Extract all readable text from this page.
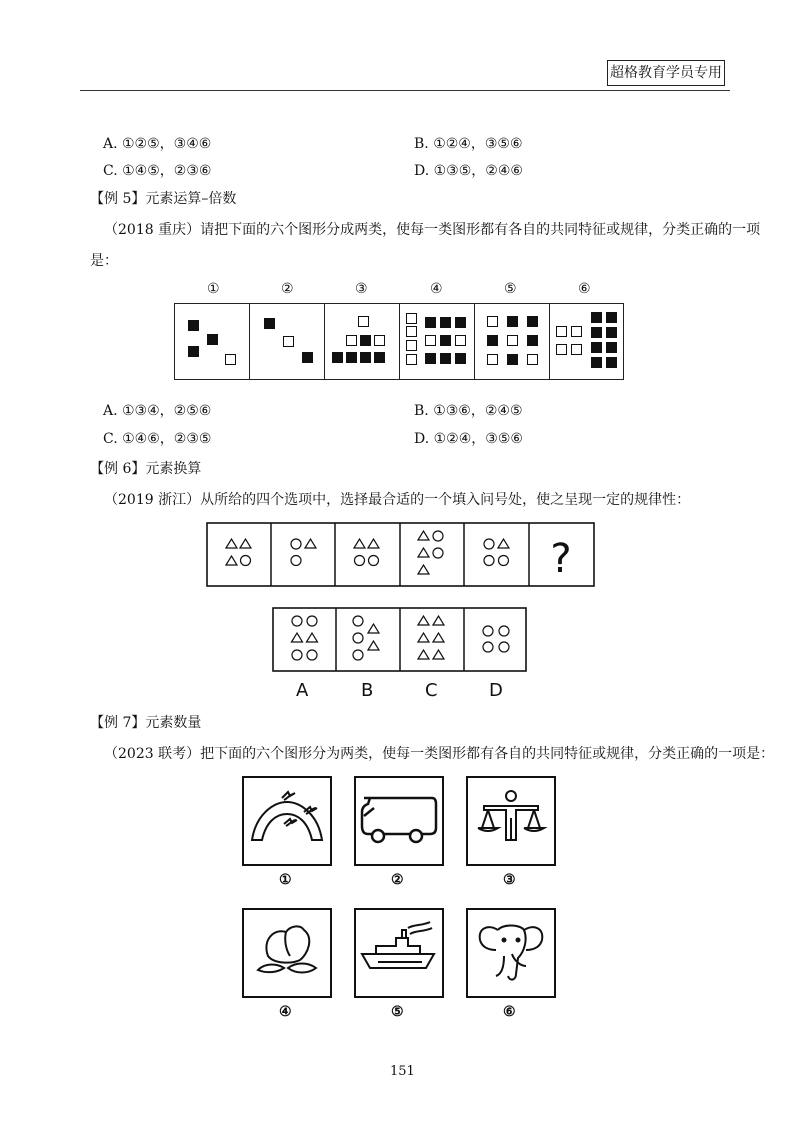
超格教育学员专用
A. ①②⑤，③④⑥	B. ①②④，③⑤⑥
C. ①④⑤，②③⑥	D. ①③⑤，②④⑥
【例 5】元素运算–倍数
（2018 重庆）请把下面的六个图形分成两类，使每一类图形都有各自的共同特征或规律，分类正确的一项
是：
①	②	③	④	⑤	⑥
A. ①③④，②⑤⑥	B. ①③⑥，②④⑤
C. ①④⑥，②③⑤	D. ①②④，③⑤⑥
【例 6】元素换算
（2019 浙江）从所给的四个选项中，选择最合适的一个填入问号处，使之呈现一定的规律性：
?
A	B	C	D
【例 7】元素数量
（2023 联考）把下面的六个图形分为两类，使每一类图形都有各自的共同特征或规律，分类正确的一项是：
①	②	③
④	⑤	⑥
151
